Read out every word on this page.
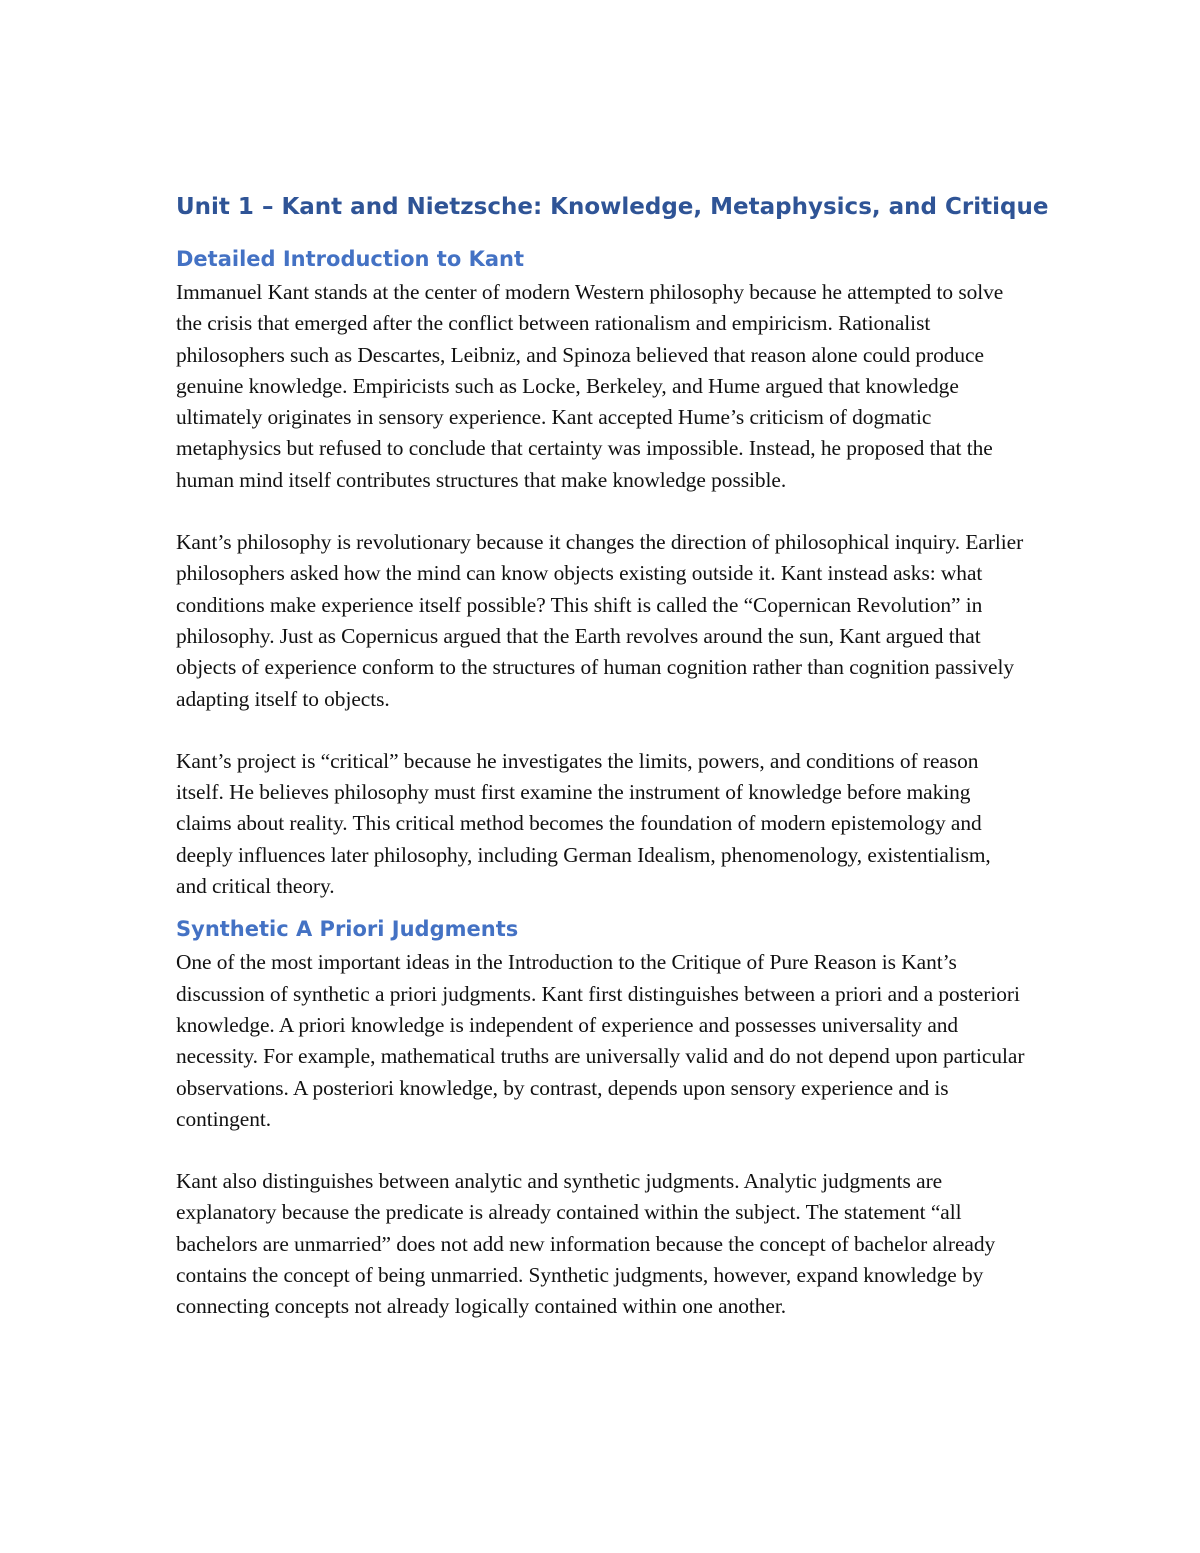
Unit 1 – Kant and Nietzsche: Knowledge, Metaphysics, and Critique
Detailed Introduction to Kant

Immanuel Kant stands at the center of modern Western philosophy because he attempted to solve the crisis that emerged after the conflict between rationalism and empiricism. Rationalist philosophers such as Descartes, Leibniz, and Spinoza believed that reason alone could produce genuine knowledge. Empiricists such as Locke, Berkeley, and Hume argued that knowledge ultimately originates in sensory experience. Kant accepted Hume’s criticism of dogmatic metaphysics but refused to conclude that certainty was impossible. Instead, he proposed that the human mind itself contributes structures that make knowledge possible.

Kant’s philosophy is revolutionary because it changes the direction of philosophical inquiry. Earlier philosophers asked how the mind can know objects existing outside it. Kant instead asks: what conditions make experience itself possible? This shift is called the “Copernican Revolution” in philosophy. Just as Copernicus argued that the Earth revolves around the sun, Kant argued that objects of experience conform to the structures of human cognition rather than cognition passively adapting itself to objects.

Kant’s project is “critical” because he investigates the limits, powers, and conditions of reason itself. He believes philosophy must first examine the instrument of knowledge before making claims about reality. This critical method becomes the foundation of modern epistemology and deeply influences later philosophy, including German Idealism, phenomenology, existentialism, and critical theory.

Synthetic A Priori Judgments

One of the most important ideas in the Introduction to the Critique of Pure Reason is Kant’s discussion of synthetic a priori judgments. Kant first distinguishes between a priori and a posteriori knowledge. A priori knowledge is independent of experience and possesses universality and necessity. For example, mathematical truths are universally valid and do not depend upon particular observations. A posteriori knowledge, by contrast, depends upon sensory experience and is contingent.

Kant also distinguishes between analytic and synthetic judgments. Analytic judgments are explanatory because the predicate is already contained within the subject. The statement “all bachelors are unmarried” does not add new information because the concept of bachelor already contains the concept of being unmarried. Synthetic judgments, however, expand knowledge by connecting concepts not already logically contained within one another.
